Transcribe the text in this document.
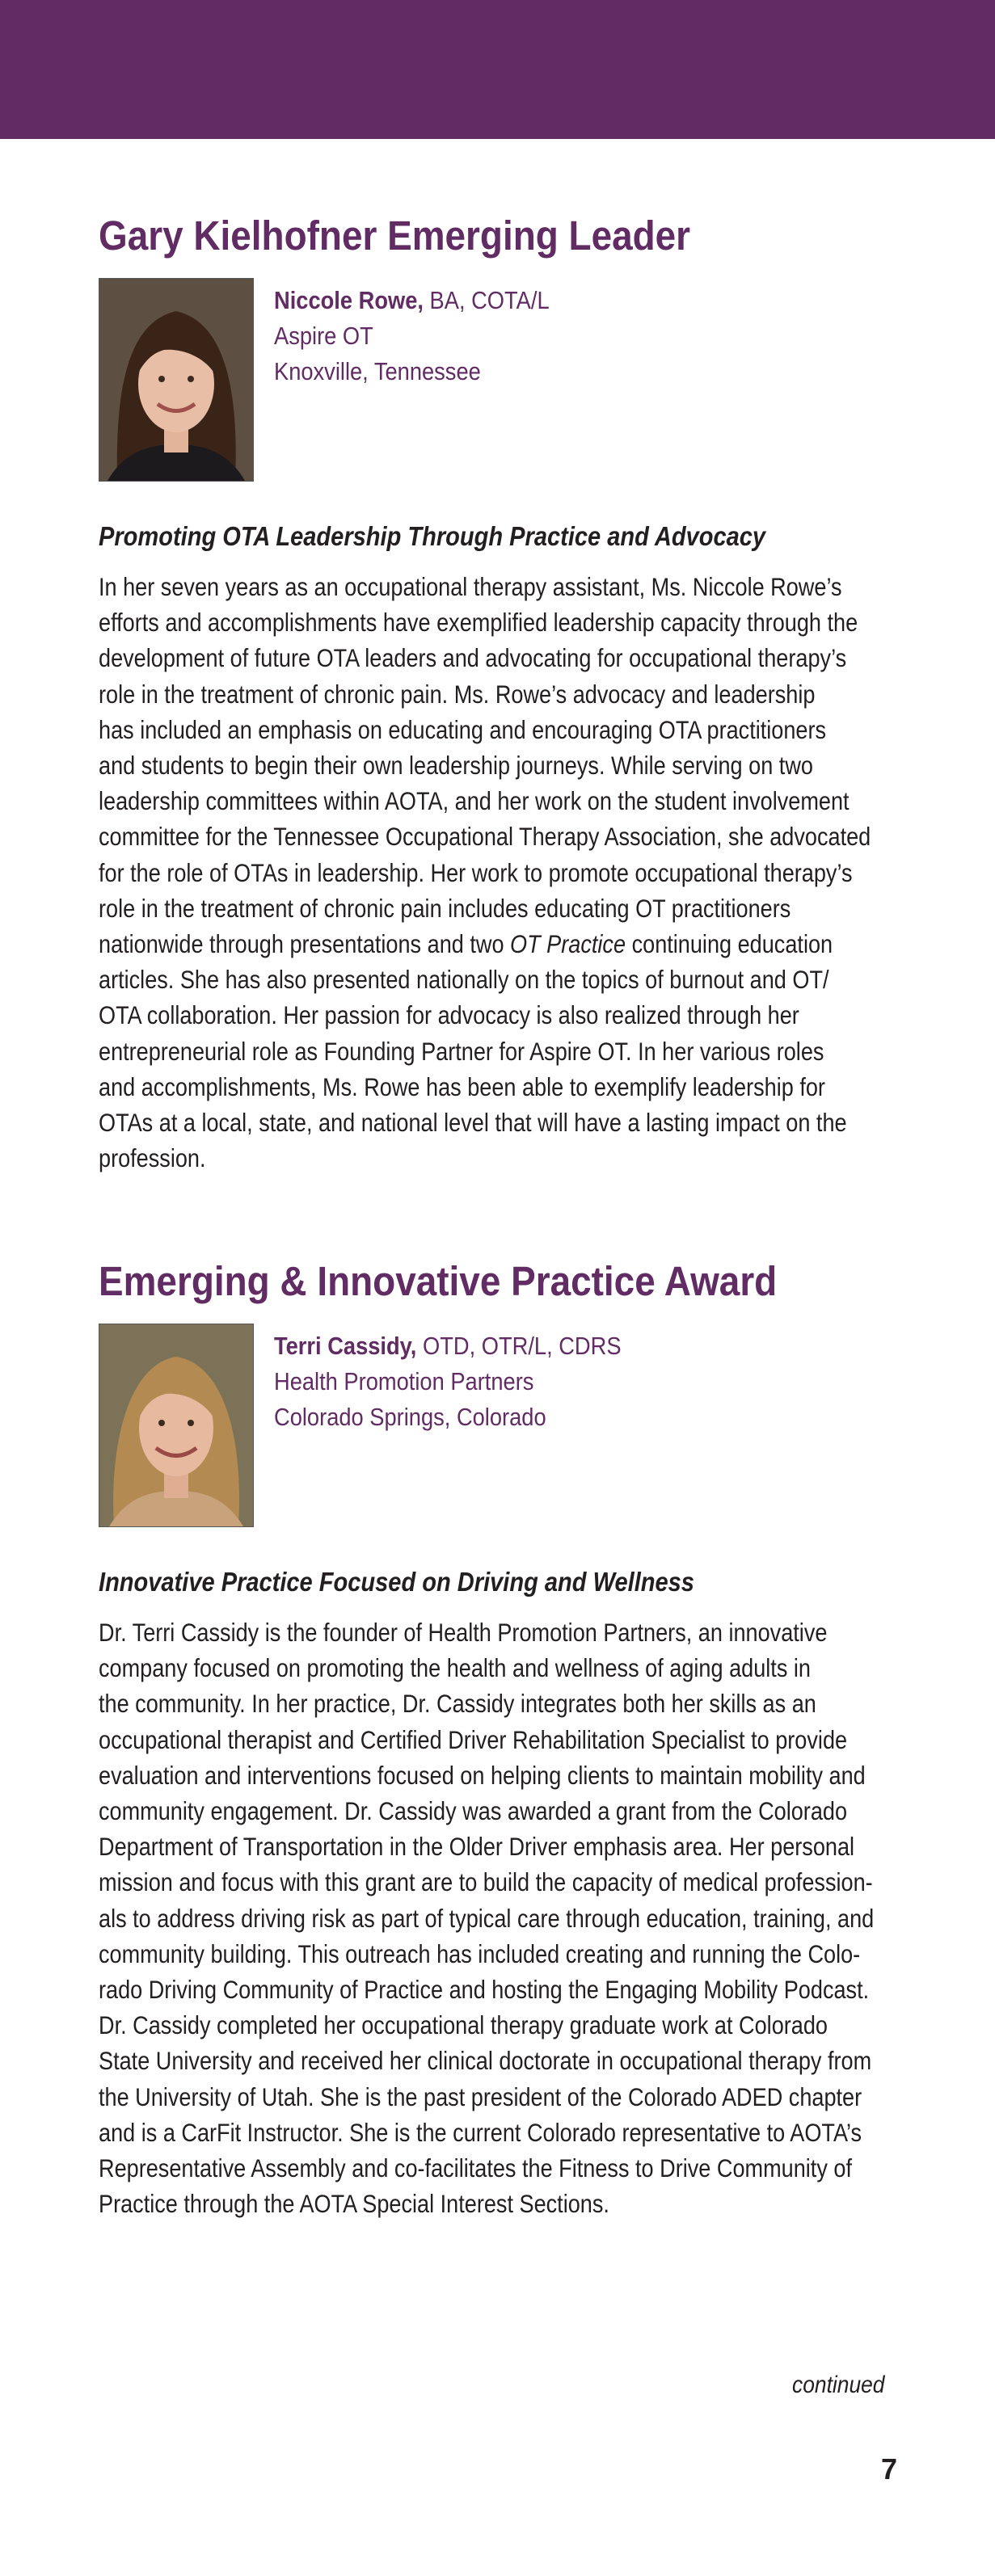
Gary Kielhofner Emerging Leader
Niccole Rowe, BA, COTA/L
Aspire OT
Knoxville, Tennessee
Promoting OTA Leadership Through Practice and Advocacy
In her seven years as an occupational therapy assistant, Ms. Niccole Rowe’s
efforts and accomplishments have exemplified leadership capacity through the
development of future OTA leaders and advocating for occupational therapy’s
role in the treatment of chronic pain. Ms. Rowe’s advocacy and leadership
has included an emphasis on educating and encouraging OTA practitioners
and students to begin their own leadership journeys. While serving on two
leadership committees within AOTA, and her work on the student involvement
committee for the Tennessee Occupational Therapy Association, she advocated
for the role of OTAs in leadership. Her work to promote occupational therapy’s
role in the treatment of chronic pain includes educating OT practitioners
nationwide through presentations and two OT Practice continuing education
articles. She has also presented nationally on the topics of burnout and OT/
OTA collaboration. Her passion for advocacy is also realized through her
entrepreneurial role as Founding Partner for Aspire OT. In her various roles
and accomplishments, Ms. Rowe has been able to exemplify leadership for
OTAs at a local, state, and national level that will have a lasting impact on the
profession.
Emerging & Innovative Practice Award
Terri Cassidy, OTD, OTR/L, CDRS
Health Promotion Partners
Colorado Springs, Colorado
Innovative Practice Focused on Driving and Wellness
Dr. Terri Cassidy is the founder of Health Promotion Partners, an innovative
company focused on promoting the health and wellness of aging adults in
the community. In her practice, Dr. Cassidy integrates both her skills as an
occupational therapist and Certified Driver Rehabilitation Specialist to provide
evaluation and interventions focused on helping clients to maintain mobility and
community engagement. Dr. Cassidy was awarded a grant from the Colorado
Department of Transportation in the Older Driver emphasis area. Her personal
mission and focus with this grant are to build the capacity of medical profession-
als to address driving risk as part of typical care through education, training, and
community building. This outreach has included creating and running the Colo-
rado Driving Community of Practice and hosting the Engaging Mobility Podcast.
Dr. Cassidy completed her occupational therapy graduate work at Colorado
State University and received her clinical doctorate in occupational therapy from
the University of Utah. She is the past president of the Colorado ADED chapter
and is a CarFit Instructor. She is the current Colorado representative to AOTA’s
Representative Assembly and co-facilitates the Fitness to Drive Community of
Practice through the AOTA Special Interest Sections.
continued
7
